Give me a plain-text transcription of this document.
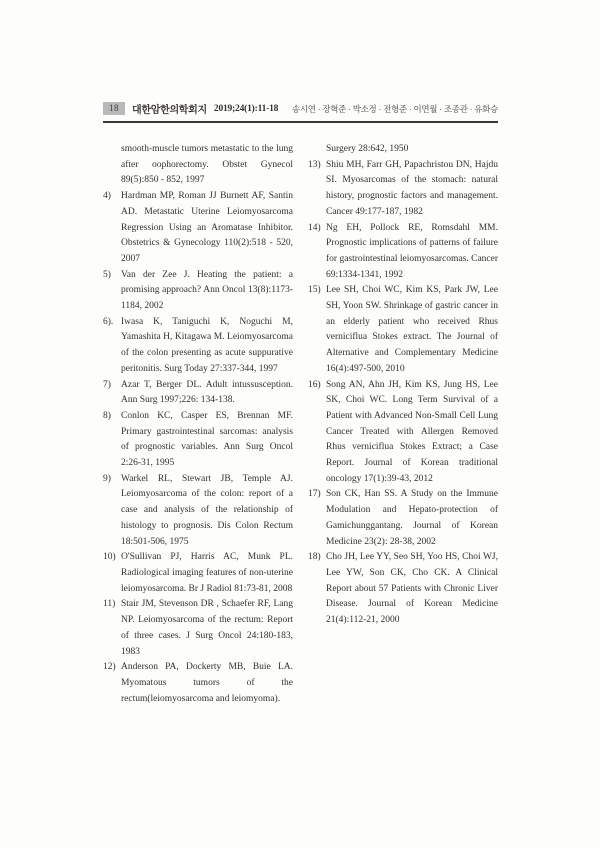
18	대한암한의학회지 2019;24(1):11-18 송시연 · 장혁준 · 박소정 · 전형준 · 이연월 · 조종관 · 유화승
smooth-muscle tumors metastatic to the lung after oophorectomy. Obstet Gynecol 89(5):850 - 852, 1997
4)	Hardman MP, Roman JJ Burnett AF, Santin AD. Metastatic Uterine Leiomyosarcoma Regression Using an Aromatase Inhibitor. Obstetrics & Gynecology 110(2):518 - 520, 2007
5)	Van der Zee J. Heating the patient: a promising approach? Ann Oncol 13(8):1173-1184, 2002
6). Iwasa K, Taniguchi K, Noguchi M, Yamashita H, Kitagawa M. Leiomyosarcoma of the colon presenting as acute suppurative peritonitis. Surg Today 27:337-344, 1997
7)	Azar T, Berger DL. Adult intussusception. Ann Surg 1997;226: 134-138.
8)	Conlon KC, Casper ES, Brennan MF. Primary gastrointestinal sarcomas: analysis of prognostic variables. Ann Surg Oncol 2:26-31, 1995
9)	Warkel RL, Stewart JB, Temple AJ. Leiomyosarcoma of the colon: report of a case and analysis of the relationship of histology to prognosis. Dis Colon Rectum 18:501-506, 1975
10) O'Sullivan PJ, Harris AC, Munk PL. Radiological imaging features of non-uterine leiomyosarcoma. Br J Radiol 81:73-81, 2008
11) Stair JM, Stevenson DR , Schaefer RF, Lang NP. Leiomyosarcoma of the rectum: Report of three cases. J Surg Oncol 24:180-183, 1983
12) Anderson PA, Dockerty MB, Buie LA. Myomatous tumors of the rectum(leiomyosarcoma and leiomyoma).
Surgery 28:642, 1950
13) Shiu MH, Farr GH, Papachristou DN, Hajdu SI. Myosarcomas of the stomach: natural history, prognostic factors and management. Cancer 49:177-187, 1982
14) Ng EH, Pollock RE, Romsdahl MM. Prognostic implications of patterns of failure for gastrointestinal leiomyosarcomas. Cancer 69:1334-1341, 1992
15) Lee SH, Choi WC, Kim KS, Park JW, Lee SH, Yoon SW. Shrinkage of gastric cancer in an elderly patient who received Rhus verniciflua Stokes extract. The Journal of Alternative and Complementary Medicine 16(4):497-500, 2010
16) Song AN, Ahn JH, Kim KS, Jung HS, Lee SK, Choi WC. Long Term Survival of a Patient with Advanced Non-Small Cell Lung Cancer Treated with Allergen Removed Rhus verniciflua Stokes Extract; a Case Report. Journal of Korean traditional oncology 17(1):39-43, 2012
17) Son CK, Han SS. A Study on the Immune Modulation and Hepato-protection of Gamichunggantang. Journal of Korean Medicine 23(2): 28-38, 2002
18) Cho JH, Lee YY, Seo SH, Yoo HS, Choi WJ, Lee YW, Son CK, Cho CK. A Clinical Report about 57 Patients with Chronic Liver Disease. Journal of Korean Medicine 21(4):112-21, 2000
